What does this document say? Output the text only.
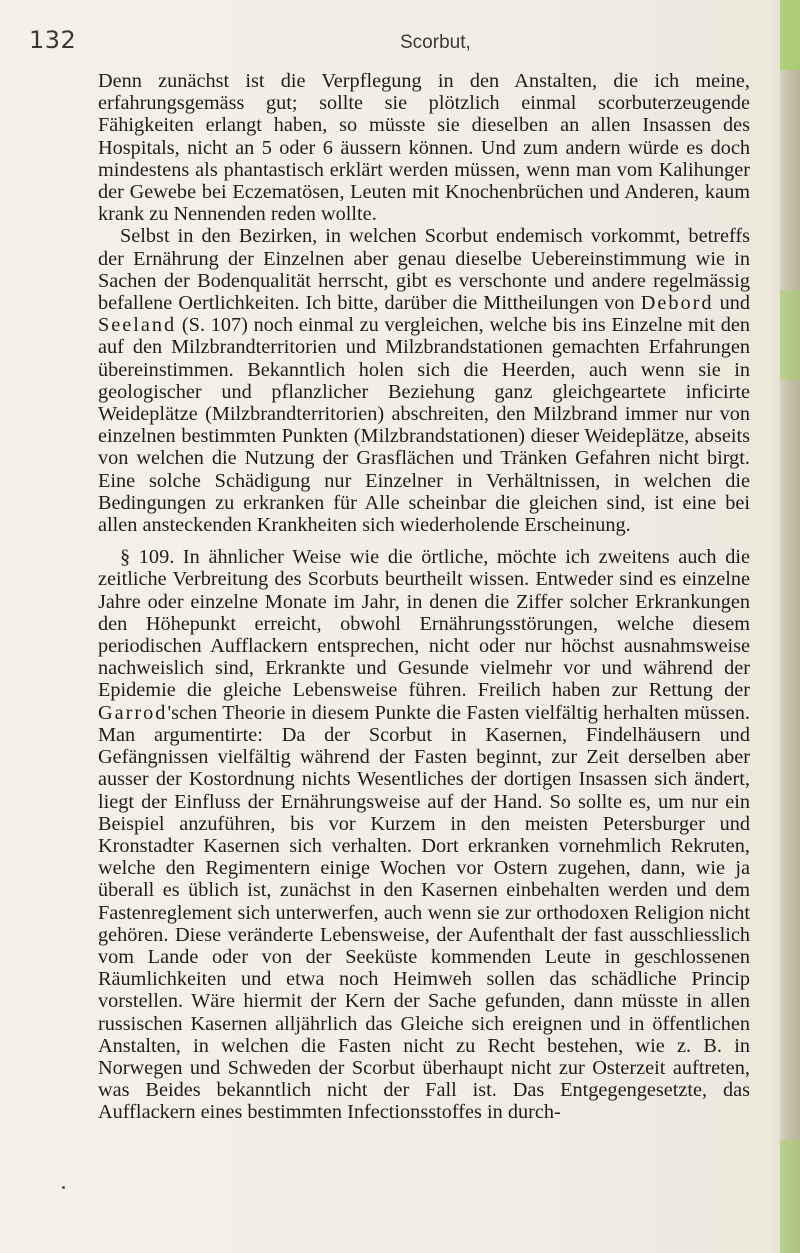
132	Scorbut,

Denn zunächst ist die Verpflegung in den Anstalten, die ich meine, erfahrungsgemäss gut; sollte sie plötzlich einmal scorbuterzeugende Fähigkeiten erlangt haben, so müsste sie dieselben an allen Insassen des Hospitals, nicht an 5 oder 6 äussern können. Und zum andern würde es doch mindestens als phantastisch erklärt werden müssen, wenn man vom Kalihunger der Gewebe bei Eczematösen, Leuten mit Knochenbrüchen und Anderen, kaum krank zu Nennenden reden wollte.

Selbst in den Bezirken, in welchen Scorbut endemisch vorkommt, betreffs der Ernährung der Einzelnen aber genau dieselbe Uebereinstimmung wie in Sachen der Bodenqualität herrscht, gibt es verschonte und andere regelmässig befallene Oertlichkeiten. Ich bitte, darüber die Mittheilungen von Debord und Seeland (S. 107) noch einmal zu vergleichen, welche bis ins Einzelne mit den auf den Milzbrandterritorien und Milzbrandstationen gemachten Erfahrungen übereinstimmen. Bekanntlich holen sich die Heerden, auch wenn sie in geologischer und pflanzlicher Beziehung ganz gleichgeartete inficirte Weideplätze (Milzbrandterritorien) abschreiten, den Milzbrand immer nur von einzelnen bestimmten Punkten (Milzbrandstationen) dieser Weideplätze, abseits von welchen die Nutzung der Grasflächen und Tränken Gefahren nicht birgt. Eine solche Schädigung nur Einzelner in Verhältnissen, in welchen die Bedingungen zu erkranken für Alle scheinbar die gleichen sind, ist eine bei allen ansteckenden Krankheiten sich wiederholende Erscheinung.

§ 109. In ähnlicher Weise wie die örtliche, möchte ich zweitens auch die zeitliche Verbreitung des Scorbuts beurtheilt wissen. Entweder sind es einzelne Jahre oder einzelne Monate im Jahr, in denen die Ziffer solcher Erkrankungen den Höhepunkt erreicht, obwohl Ernährungsstörungen, welche diesem periodischen Aufflackern entsprechen, nicht oder nur höchst ausnahmsweise nachweislich sind, Erkrankte und Gesunde vielmehr vor und während der Epidemie die gleiche Lebensweise führen. Freilich haben zur Rettung der Garrod'schen Theorie in diesem Punkte die Fasten vielfältig herhalten müssen. Man argumentirte: Da der Scorbut in Kasernen, Findelhäusern und Gefängnissen vielfältig während der Fasten beginnt, zur Zeit derselben aber ausser der Kostordnung nichts Wesentliches der dortigen Insassen sich ändert, liegt der Einfluss der Ernährungsweise auf der Hand. So sollte es, um nur ein Beispiel anzuführen, bis vor Kurzem in den meisten Petersburger und Kronstadter Kasernen sich verhalten. Dort erkranken vornehmlich Rekruten, welche den Regimentern einige Wochen vor Ostern zugehen, dann, wie ja überall es üblich ist, zunächst in den Kasernen einbehalten werden und dem Fastenreglement sich unterwerfen, auch wenn sie zur orthodoxen Religion nicht gehören. Diese veränderte Lebensweise, der Aufenthalt der fast ausschliesslich vom Lande oder von der Seeküste kommenden Leute in geschlossenen Räumlichkeiten und etwa noch Heimweh sollen das schädliche Princip vorstellen. Wäre hiermit der Kern der Sache gefunden, dann müsste in allen russischen Kasernen alljährlich das Gleiche sich ereignen und in öffentlichen Anstalten, in welchen die Fasten nicht zu Recht bestehen, wie z. B. in Norwegen und Schweden der Scorbut überhaupt nicht zur Osterzeit auftreten, was Beides bekanntlich nicht der Fall ist. Das Entgegengesetzte, das Aufflackern eines bestimmten Infectionsstoffes in durch-
